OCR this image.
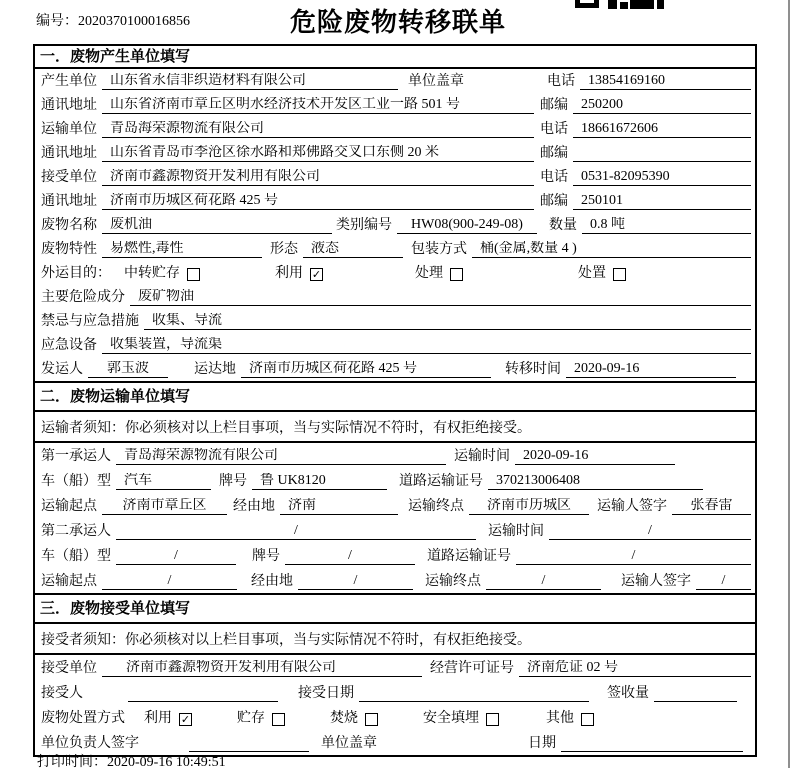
编号：2020370100016856	危险废物转移联单
一．废物产生单位填写
产生单位 山东省永信非织造材料有限公司	单位盖章	电话 13854169160
通讯地址 山东省济南市章丘区明水经济技术开发区工业一路 501 号	邮编 250200
运输单位 青岛海荣源物流有限公司	电话 18661672606
通讯地址 山东省青岛市李沧区徐水路和郑佛路交叉口东侧 20 米	邮编
接受单位 济南市鑫源物资开发利用有限公司	电话 0531-82095390
通讯地址 济南市历城区荷花路 425 号	邮编 250101
废物名称 废机油	类别编号	HW08(900-249-08)	数量 0.8 吨
废物特性 易燃性,毒性	形态 液态	包装方式 桶(金属,数量 4 )
外运目的： 中转贮存	利用 ✓	处理	处置
主要危险成分 废矿物油
禁忌与应急措施 收集、导流
应急设备 收集装置，导流渠
发运人	郭玉波	运达地 济南市历城区荷花路 425 号	转移时间 2020-09-16
二．废物运输单位填写
运输者须知：你必须核对以上栏目事项，当与实际情况不符时，有权拒绝接受。
第一承运人 青岛海荣源物流有限公司	运输时间 2020-09-16
车（船）型 汽车	牌号 鲁 UK8120	道路运输证号 370213006408
运输起点	济南市章丘区	经由地 济南	运输终点	济南市历城区	运输人签字	张春雷
第二承运人	/	运输时间	/
车（船）型	/	牌号	/	道路运输证号	/
运输起点	/	经由地	/	运输终点	/	运输人签字	/
三．废物接受单位填写
接受者须知：你必须核对以上栏目事项，当与实际情况不符时，有权拒绝接受。
接受单位	济南市鑫源物资开发利用有限公司	经营许可证号 济南危证 02 号
接受人	接受日期	签收量
废物处置方式	利用 ✓	贮存	焚烧	安全填埋	其他
单位负责人签字	单位盖章	日期
打印时间：2020-09-16 10:49:51
